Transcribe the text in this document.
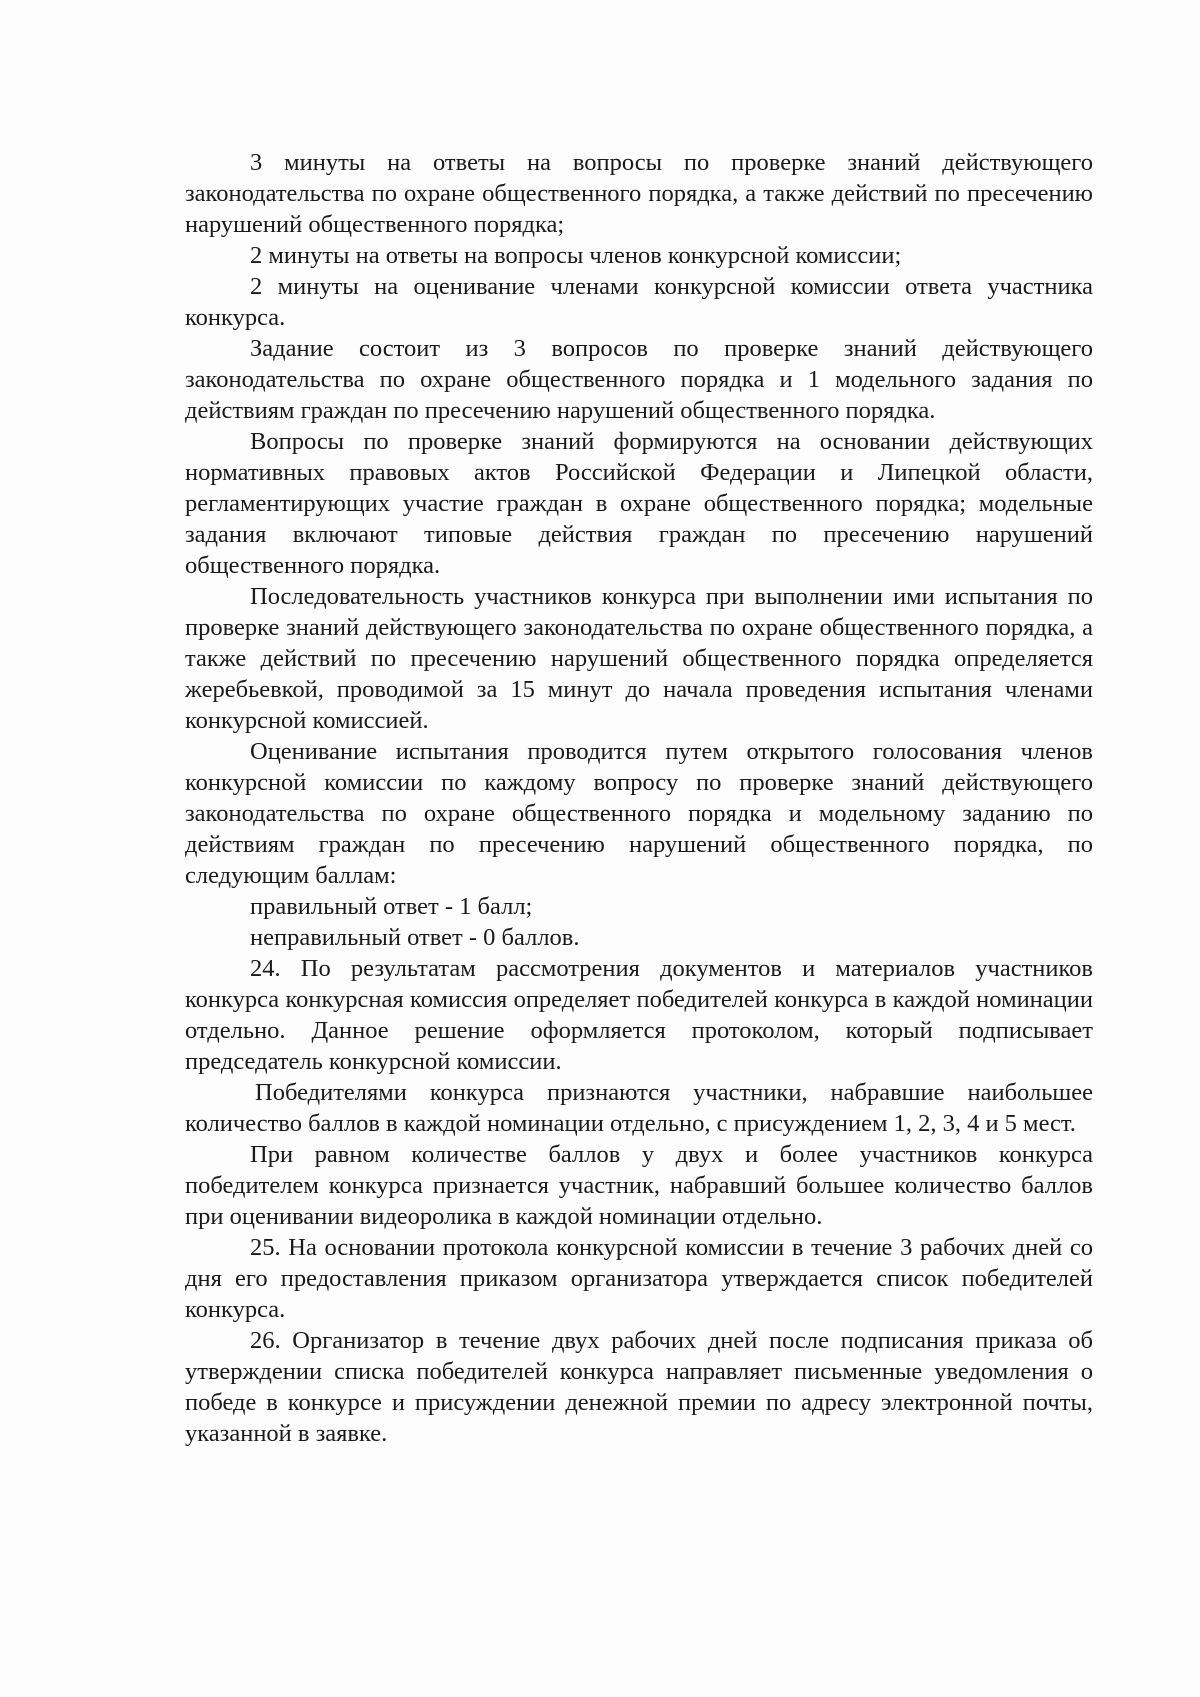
3 минуты на ответы на вопросы по проверке знаний действующего законодательства по охране общественного порядка, а также действий по пресечению нарушений общественного порядка;

2 минуты на ответы на вопросы членов конкурсной комиссии;

2 минуты на оценивание членами конкурсной комиссии ответа участника конкурса.

Задание состоит из 3 вопросов по проверке знаний действующего законодательства по охране общественного порядка и 1 модельного задания по действиям граждан по пресечению нарушений общественного порядка.

Вопросы по проверке знаний формируются на основании действующих нормативных правовых актов Российской Федерации и Липецкой области, регламентирующих участие граждан в охране общественного порядка; модельные задания включают типовые действия граждан по пресечению нарушений общественного порядка.

Последовательность участников конкурса при выполнении ими испытания по проверке знаний действующего законодательства по охране общественного порядка, а также действий по пресечению нарушений общественного порядка определяется жеребьевкой, проводимой за 15 минут до начала проведения испытания членами конкурсной комиссией.

Оценивание испытания проводится путем открытого голосования членов конкурсной комиссии по каждому вопросу по проверке знаний действующего законодательства по охране общественного порядка и модельному заданию по действиям граждан по пресечению нарушений общественного порядка, по следующим баллам:

правильный ответ - 1 балл;

неправильный ответ - 0 баллов.

24. По результатам рассмотрения документов и материалов участников конкурса конкурсная комиссия определяет победителей конкурса в каждой номинации отдельно. Данное решение оформляется протоколом, который подписывает председатель конкурсной комиссии.

Победителями конкурса признаются участники, набравшие наибольшее количество баллов в каждой номинации отдельно, с присуждением 1, 2, 3, 4 и 5 мест.

При равном количестве баллов у двух и более участников конкурса победителем конкурса признается участник, набравший большее количество баллов при оценивании видеоролика в каждой номинации отдельно.

25. На основании протокола конкурсной комиссии в течение 3 рабочих дней со дня его предоставления приказом организатора утверждается список победителей конкурса.

26. Организатор в течение двух рабочих дней после подписания приказа об утверждении списка победителей конкурса направляет письменные уведомления о победе в конкурсе и присуждении денежной премии по адресу электронной почты, указанной в заявке.
